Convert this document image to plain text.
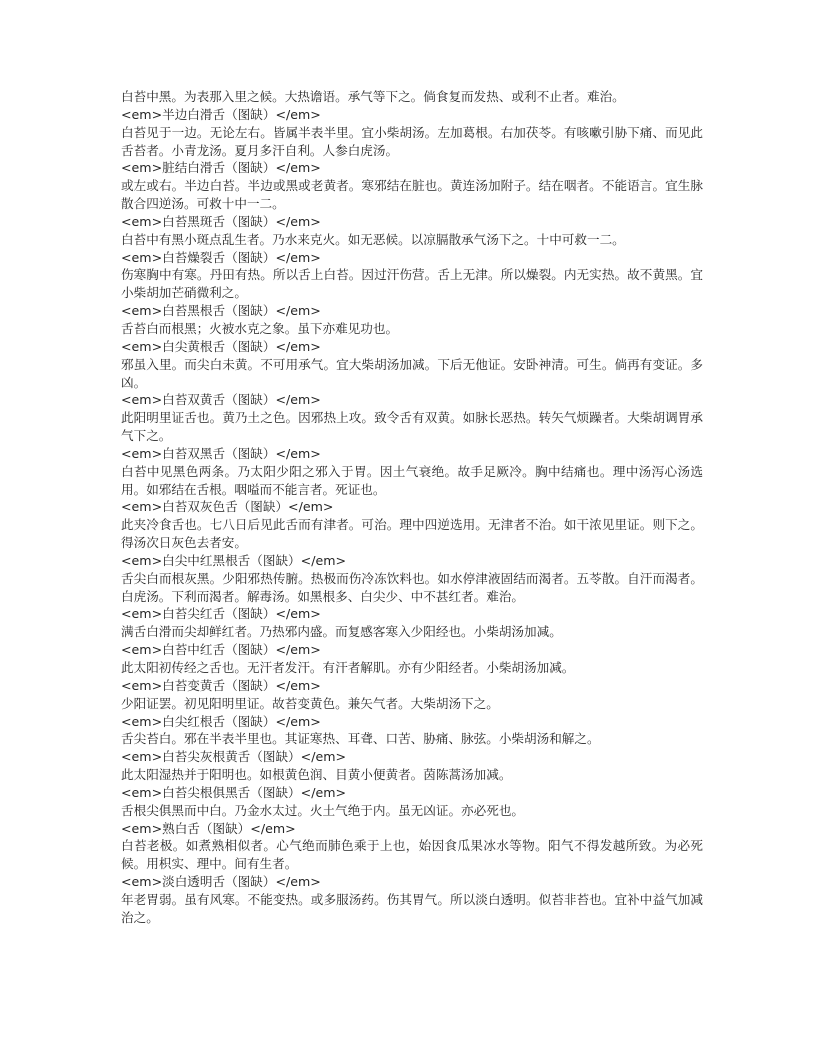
白苔中黑。为表那入里之候。大热谵语。承气等下之。倘食复而发热、或利不止者。难治。
<em>半边白滑舌（图缺）</em>
白苔见于一边。无论左右。皆属半表半里。宜小柴胡汤。左加葛根。右加茯苓。有咳嗽引胁下痛、而见此舌苔者。小青龙汤。夏月多汗自利。人参白虎汤。
<em>脏结白滑舌（图缺）</em>
或左或右。半边白苔。半边或黑或老黄者。寒邪结在脏也。黄连汤加附子。结在咽者。不能语言。宜生脉散合四逆汤。可救十中一二。
<em>白苔黑斑舌（图缺）</em>
白苔中有黑小斑点乱生者。乃水来克火。如无恶候。以凉膈散承气汤下之。十中可救一二。
<em>白苔燥裂舌（图缺）</em>
伤寒胸中有寒。丹田有热。所以舌上白苔。因过汗伤营。舌上无津。所以燥裂。内无实热。故不黄黑。宜小柴胡加芒硝微利之。
<em>白苔黑根舌（图缺）</em>
舌苔白而根黑；火被水克之象。虽下亦难见功也。
<em>白尖黄根舌（图缺）</em>
邪虽入里。而尖白未黄。不可用承气。宜大柴胡汤加减。下后无他证。安卧神清。可生。倘再有变证。多凶。
<em>白苔双黄舌（图缺）</em>
此阳明里证舌也。黄乃土之色。因邪热上攻。致令舌有双黄。如脉长恶热。转矢气烦躁者。大柴胡调胃承气下之。
<em>白苔双黑舌（图缺）</em>
白苔中见黑色两条。乃太阳少阳之邪入于胃。因土气衰绝。故手足厥冷。胸中结痛也。理中汤泻心汤选用。如邪结在舌根。咽嗌而不能言者。死证也。
<em>白苔双灰色舌（图缺）</em>
此夹冷食舌也。七八日后见此舌而有津者。可治。理中四逆选用。无津者不治。如干浓见里证。则下之。得汤次日灰色去者安。
<em>白尖中红黑根舌（图缺）</em>
舌尖白而根灰黑。少阳邪热传腑。热极而伤冷冻饮料也。如水停津液固结而渴者。五苓散。自汗而渴者。白虎汤。下利而渴者。解毒汤。如黑根多、白尖少、中不甚红者。难治。
<em>白苔尖红舌（图缺）</em>
满舌白滑而尖却鲜红者。乃热邪内盛。而复感客寒入少阳经也。小柴胡汤加减。
<em>白苔中红舌（图缺）</em>
此太阳初传经之舌也。无汗者发汗。有汗者解肌。亦有少阳经者。小柴胡汤加减。
<em>白苔变黄舌（图缺）</em>
少阳证罢。初见阳明里证。故苔变黄色。兼矢气者。大柴胡汤下之。
<em>白尖红根舌（图缺）</em>
舌尖苔白。邪在半表半里也。其证寒热、耳聋、口苦、胁痛、脉弦。小柴胡汤和解之。
<em>白苔尖灰根黄舌（图缺）</em>
此太阳湿热并于阳明也。如根黄色润、目黄小便黄者。茵陈蒿汤加减。
<em>白苔尖根俱黑舌（图缺）</em>
舌根尖俱黑而中白。乃金水太过。火土气绝于内。虽无凶证。亦必死也。
<em>熟白舌（图缺）</em>
白苔老极。如煮熟相似者。心气绝而肺色乘于上也，始因食瓜果冰水等物。阳气不得发越所致。为必死候。用枳实、理中。间有生者。
<em>淡白透明舌（图缺）</em>
年老胃弱。虽有风寒。不能变热。或多服汤药。伤其胃气。所以淡白透明。似苔非苔也。宜补中益气加减治之。
